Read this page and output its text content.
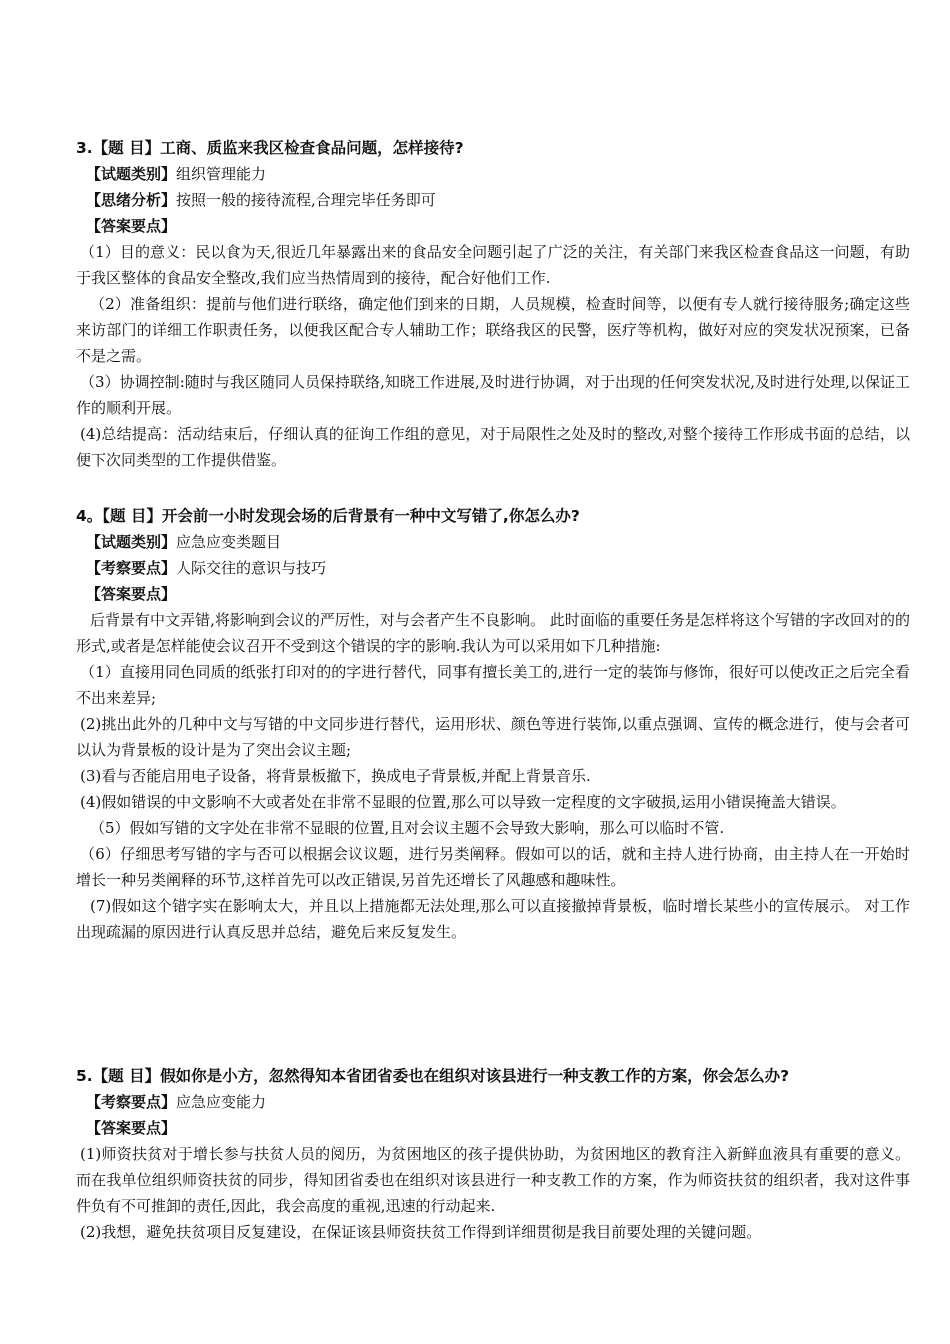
3.【题 目】工商、质监来我区检查食品问题，怎样接待?

【试题类别】组织管理能力

【思绪分析】按照一般的接待流程,合理完毕任务即可

【答案要点】

（1）目的意义：民以食为天,很近几年暴露出来的食品安全问题引起了广泛的关注，有关部门来我区检查食品这一问题，有助于我区整体的食品安全整改,我们应当热情周到的接待，配合好他们工作.

（2）准备组织：提前与他们进行联络，确定他们到来的日期，人员规模，检查时间等，以便有专人就行接待服务;确定这些来访部门的详细工作职责任务，以便我区配合专人辅助工作；联络我区的民警，医疗等机构，做好对应的突发状况预案，已备不是之需。

（3）协调控制:随时与我区随同人员保持联络,知晓工作进展,及时进行协调，对于出现的任何突发状况,及时进行处理,以保证工作的顺利开展。

(4)总结提高：活动结束后，仔细认真的征询工作组的意见，对于局限性之处及时的整改,对整个接待工作形成书面的总结，以便下次同类型的工作提供借鉴。

4。【题 目】开会前一小时发现会场的后背景有一种中文写错了,你怎么办?

【试题类别】应急应变类题目

【考察要点】人际交往的意识与技巧

【答案要点】

后背景有中文弄错,将影响到会议的严厉性，对与会者产生不良影响。 此时面临的重要任务是怎样将这个写错的字改回对的的形式,或者是怎样能使会议召开不受到这个错误的字的影响.我认为可以采用如下几种措施:

（1）直接用同色同质的纸张打印对的的字进行替代，同事有擅长美工的,进行一定的装饰与修饰，很好可以使改正之后完全看不出来差异;

(2)挑出此外的几种中文与写错的中文同步进行替代，运用形状、颜色等进行装饰,以重点强调、宣传的概念进行，使与会者可以认为背景板的设计是为了突出会议主题;

(3)看与否能启用电子设备，将背景板撤下，换成电子背景板,并配上背景音乐.

(4)假如错误的中文影响不大或者处在非常不显眼的位置,那么可以导致一定程度的文字破损,运用小错误掩盖大错误。

（5）假如写错的文字处在非常不显眼的位置,且对会议主题不会导致大影响，那么可以临时不管.

（6）仔细思考写错的字与否可以根据会议议题，进行另类阐释。假如可以的话，就和主持人进行协商，由主持人在一开始时增长一种另类阐释的环节,这样首先可以改正错误,另首先还增长了风趣感和趣味性。

(7)假如这个错字实在影响太大，并且以上措施都无法处理,那么可以直接撤掉背景板，临时增长某些小的宣传展示。 对工作出现疏漏的原因进行认真反思并总结，避免后来反复发生。

5.【题 目】假如你是小方，忽然得知本省团省委也在组织对该县进行一种支教工作的方案，你会怎么办?

【考察要点】应急应变能力

【答案要点】

(1)师资扶贫对于增长参与扶贫人员的阅历，为贫困地区的孩子提供协助，为贫困地区的教育注入新鲜血液具有重要的意义。而在我单位组织师资扶贫的同步，得知团省委也在组织对该县进行一种支教工作的方案，作为师资扶贫的组织者，我对这件事件负有不可推卸的责任,因此，我会高度的重视,迅速的行动起来.

(2)我想，避免扶贫项目反复建设，在保证该县师资扶贫工作得到详细贯彻是我目前要处理的关键问题。
